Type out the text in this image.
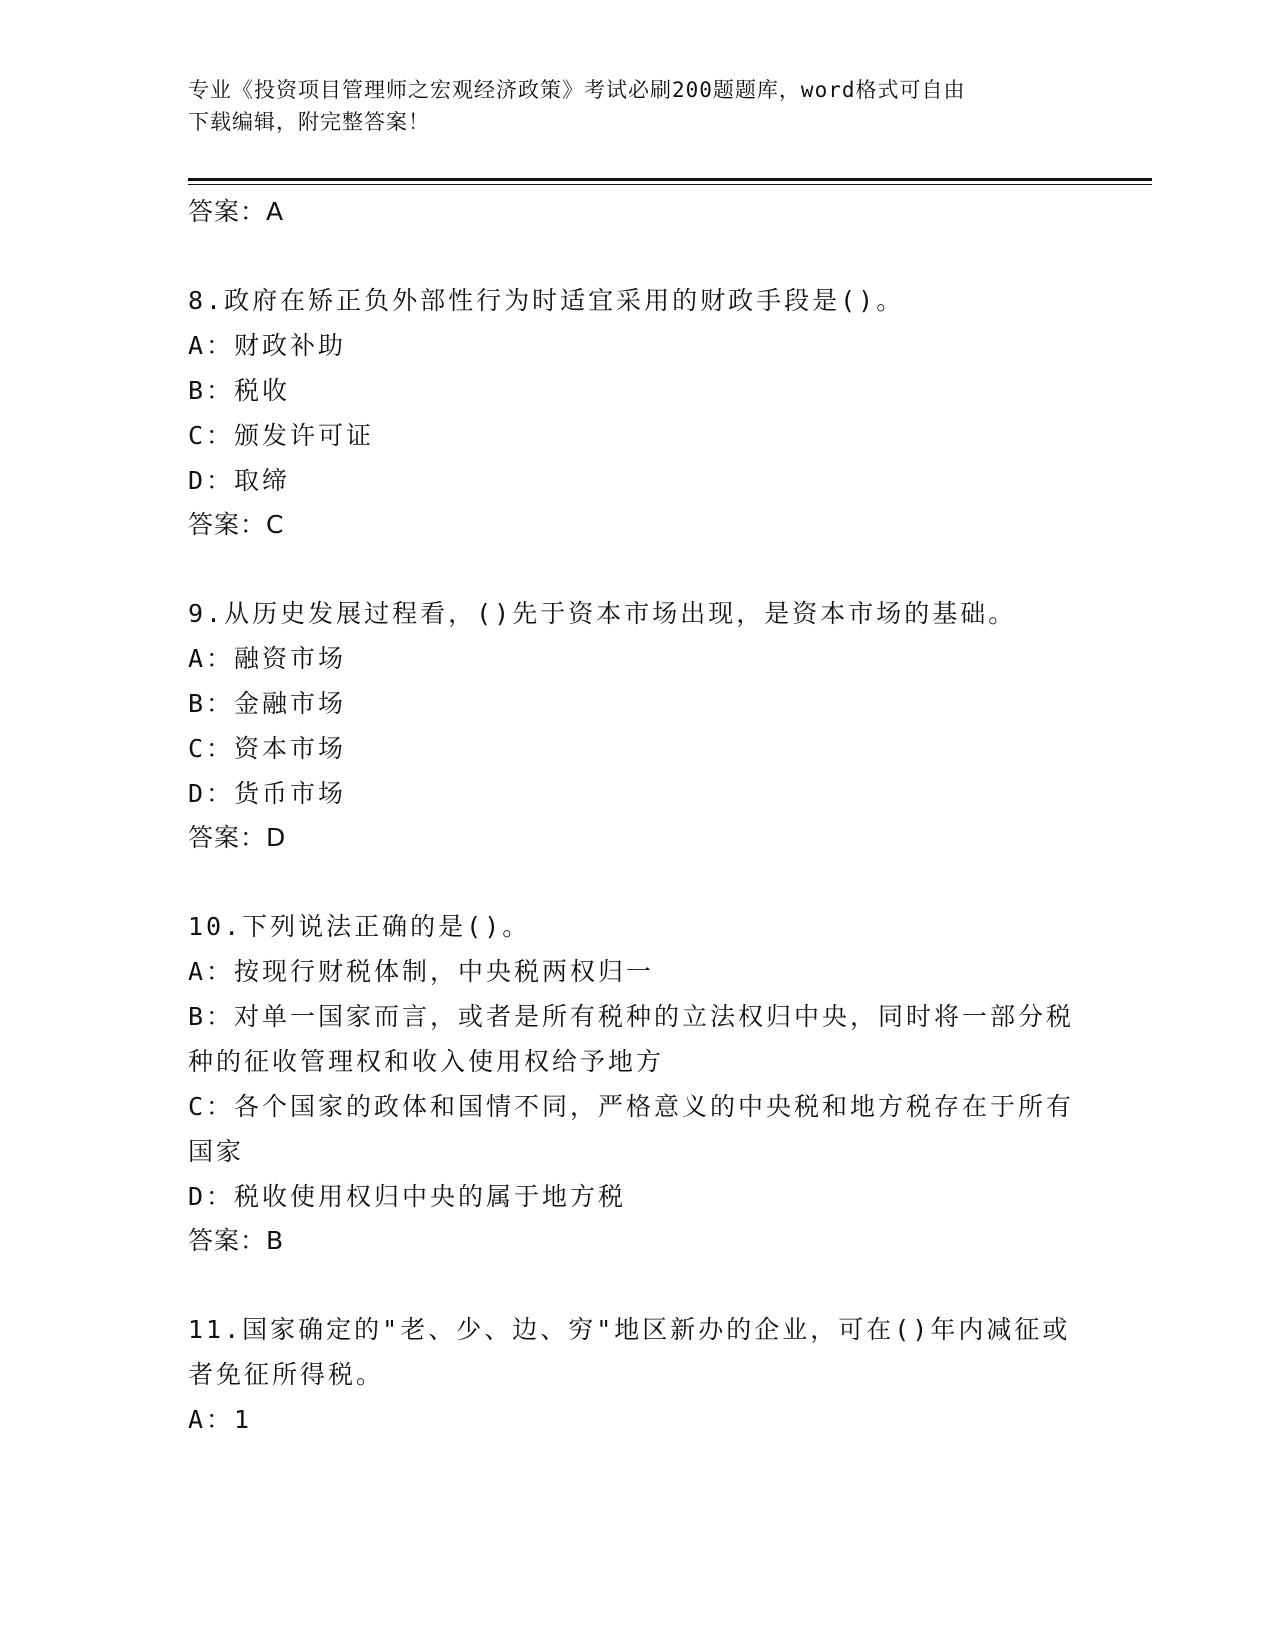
专业《投资项目管理师之宏观经济政策》考试必刷200题题库，word格式可自由
下载编辑，附完整答案！
答案：A
8.政府在矫正负外部性行为时适宜采用的财政手段是()。
A：财政补助
B：税收
C：颁发许可证
D：取缔
答案：C
9.从历史发展过程看，()先于资本市场出现，是资本市场的基础。
A：融资市场
B：金融市场
C：资本市场
D：货币市场
答案：D
10.下列说法正确的是()。
A：按现行财税体制，中央税两权归一
B：对单一国家而言，或者是所有税种的立法权归中央，同时将一部分税种的征收管理权和收入使用权给予地方
C：各个国家的政体和国情不同，严格意义的中央税和地方税存在于所有国家
D：税收使用权归中央的属于地方税
答案：B
11.国家确定的"老、少、边、穷"地区新办的企业，可在()年内减征或者免征所得税。
A：1
